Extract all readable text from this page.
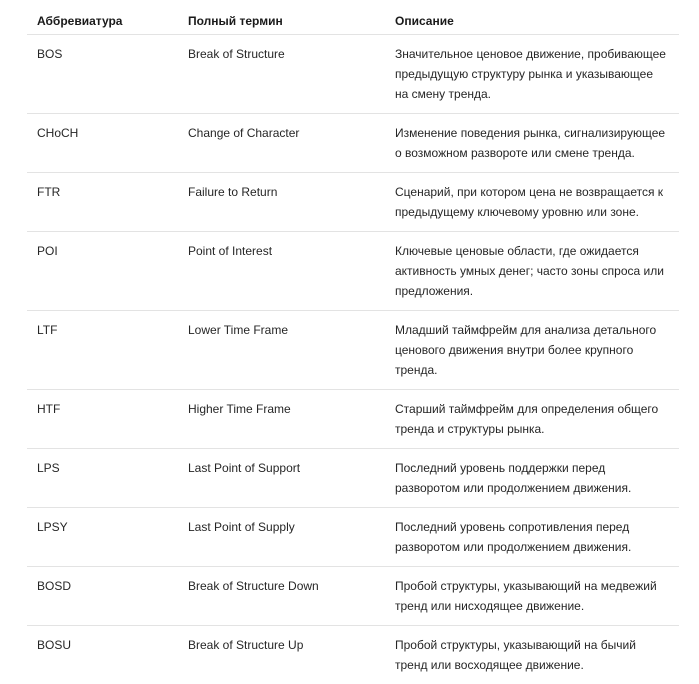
Аббревиатура	Полный термин	Описание
BOS	Break of Structure	Значительное ценовое движение, пробивающее предыдущую структуру рынка и указывающее на смену тренда.
CHoCH	Change of Character	Изменение поведения рынка, сигнализирующее о возможном развороте или смене тренда.
FTR	Failure to Return	Сценарий, при котором цена не возвращается к предыдущему ключевому уровню или зоне.
POI	Point of Interest	Ключевые ценовые области, где ожидается активность умных денег; часто зоны спроса или предложения.
LTF	Lower Time Frame	Младший таймфрейм для анализа детального ценового движения внутри более крупного тренда.
HTF	Higher Time Frame	Старший таймфрейм для определения общего тренда и структуры рынка.
LPS	Last Point of Support	Последний уровень поддержки перед разворотом или продолжением движения.
LPSY	Last Point of Supply	Последний уровень сопротивления перед разворотом или продолжением движения.
BOSD	Break of Structure Down	Пробой структуры, указывающий на медвежий тренд или нисходящее движение.
BOSU	Break of Structure Up	Пробой структуры, указывающий на бычий тренд или восходящее движение.
